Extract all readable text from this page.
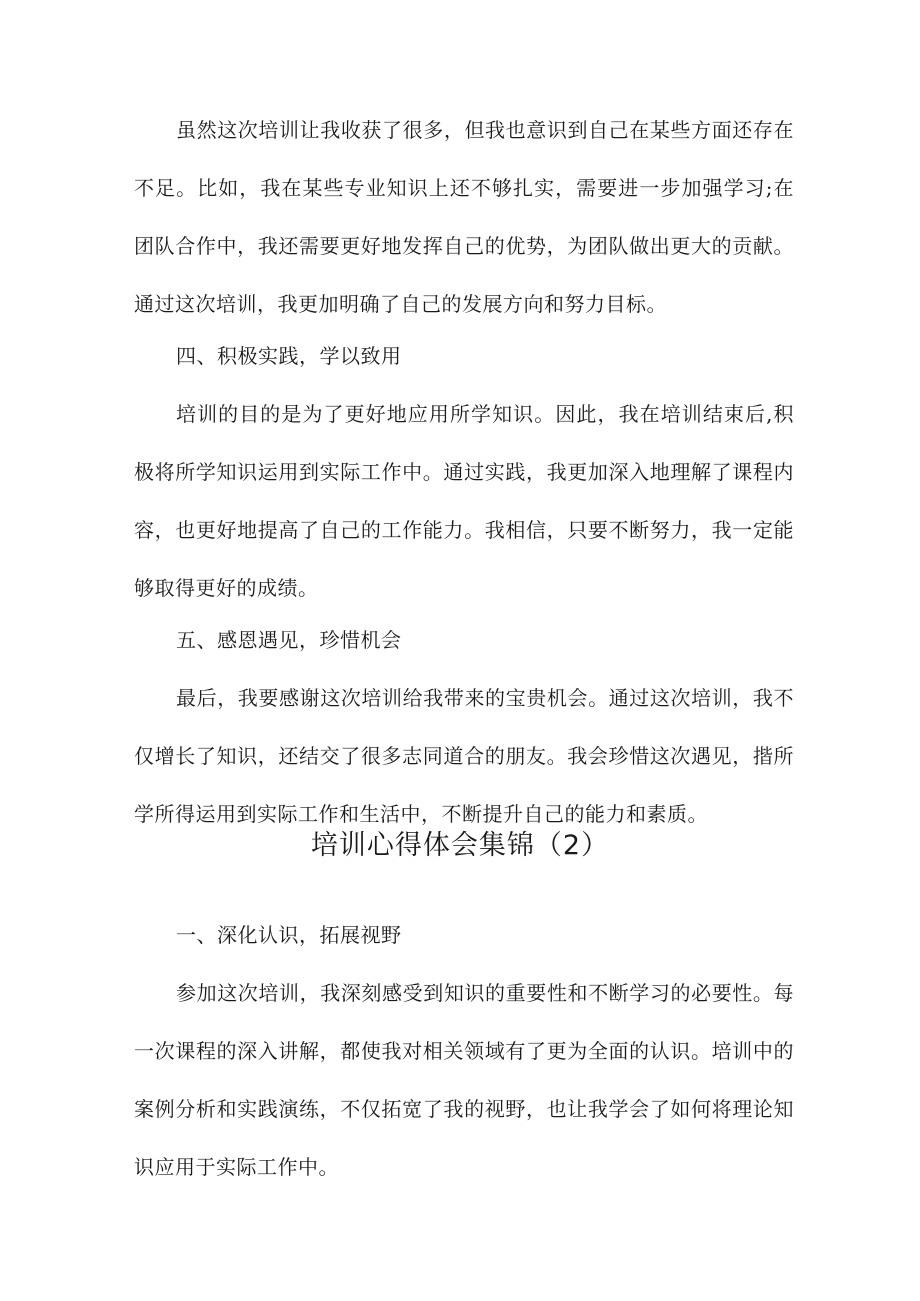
虽然这次培训让我收获了很多，但我也意识到自己在某些方面还存在不足。比如，我在某些专业知识上还不够扎实，需要进一步加强学习;在团队合作中，我还需要更好地发挥自己的优势，为团队做出更大的贡献。通过这次培训，我更加明确了自己的发展方向和努力目标。

四、积极实践，学以致用

培训的目的是为了更好地应用所学知识。因此，我在培训结束后,积极将所学知识运用到实际工作中。通过实践，我更加深入地理解了课程内容，也更好地提高了自己的工作能力。我相信，只要不断努力，我一定能够取得更好的成绩。

五、感恩遇见，珍惜机会

最后，我要感谢这次培训给我带来的宝贵机会。通过这次培训，我不仅增长了知识，还结交了很多志同道合的朋友。我会珍惜这次遇见，揩所学所得运用到实际工作和生活中，不断提升自己的能力和素质。

培训心得体会集锦（2）

一、深化认识，拓展视野

参加这次培训，我深刻感受到知识的重要性和不断学习的必要性。每一次课程的深入讲解，都使我对相关领域有了更为全面的认识。培训中的案例分析和实践演练，不仅拓宽了我的视野，也让我学会了如何将理论知识应用于实际工作中。
